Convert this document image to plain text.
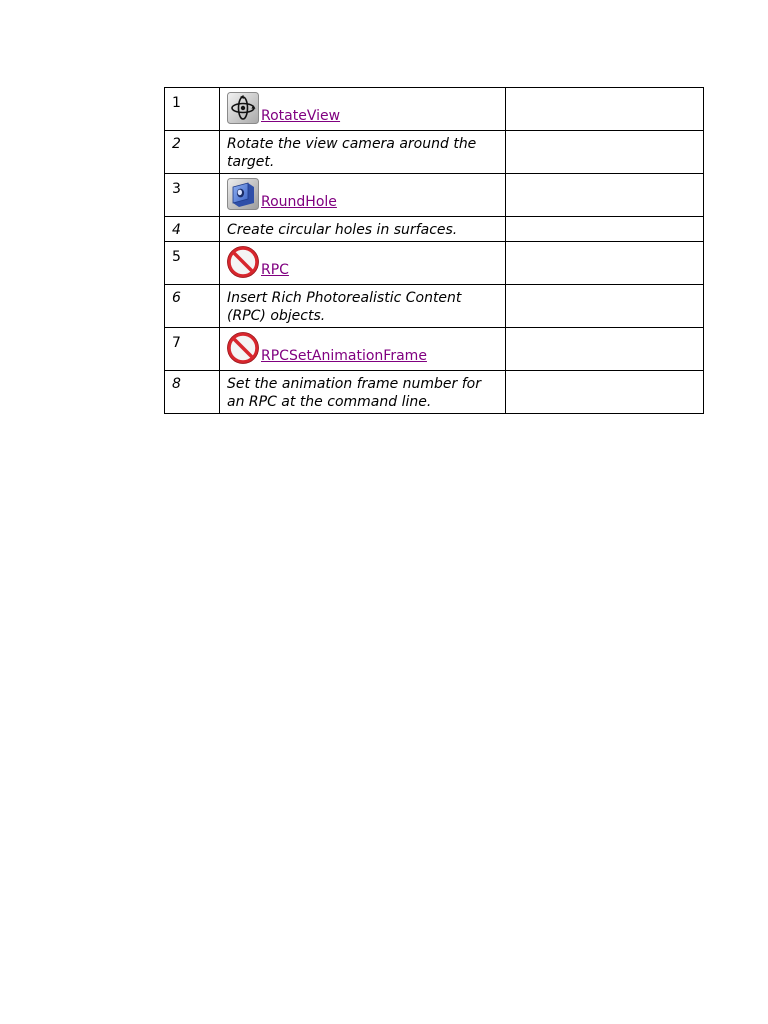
1	RotateView	
2	Rotate the view camera around the target.	
3	RoundHole	
4	Create circular holes in surfaces.	
5	RPC	
6	Insert Rich Photorealistic Content (RPC) objects.	
7	RPCSetAnimationFrame	
8	Set the animation frame number for an RPC at the command line.	
